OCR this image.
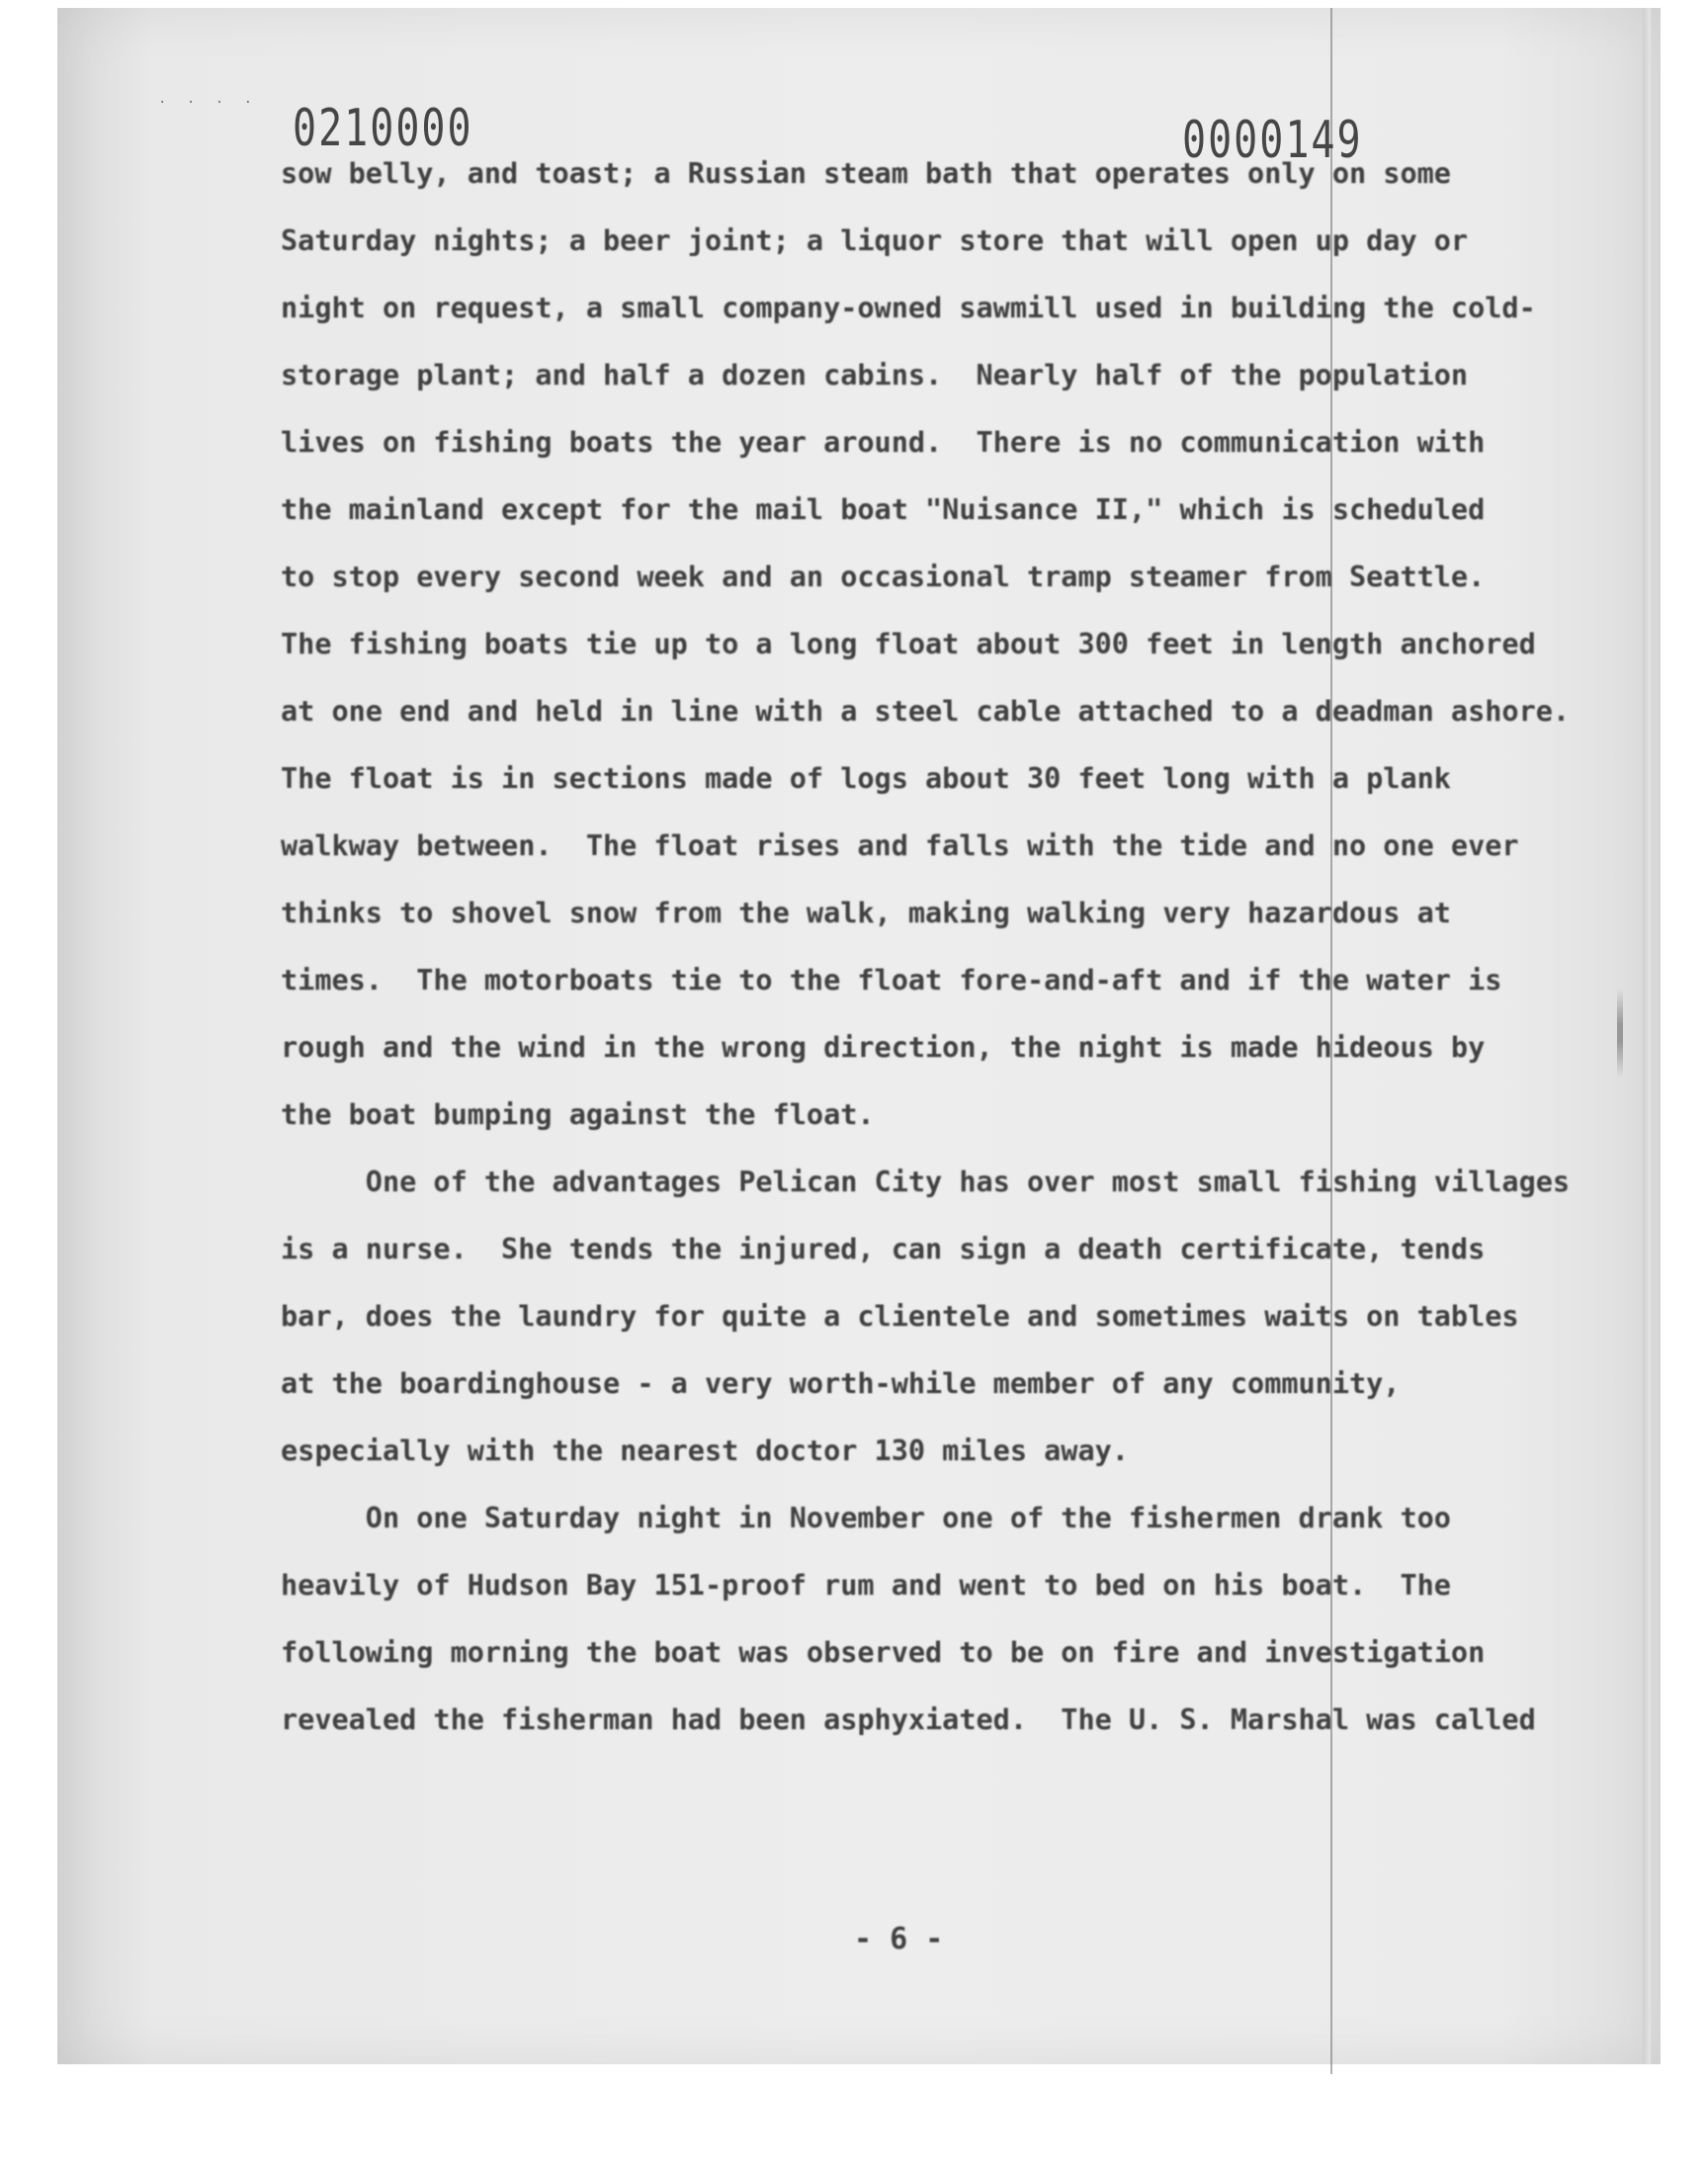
· · · · 0210000	0000149
sow belly, and toast; a Russian steam bath that operates only on some
Saturday nights; a beer joint; a liquor store that will open up day or
night on request, a small company-owned sawmill used in building the cold-
storage plant; and half a dozen cabins.  Nearly half of the population
lives on fishing boats the year around.  There is no communication with
the mainland except for the mail boat "Nuisance II," which is scheduled
to stop every second week and an occasional tramp steamer from Seattle.
The fishing boats tie up to a long float about 300 feet in length anchored
at one end and held in line with a steel cable attached to a deadman ashore.
The float is in sections made of logs about 30 feet long with a plank
walkway between.  The float rises and falls with the tide and no one ever
thinks to shovel snow from the walk, making walking very hazardous at
times.  The motorboats tie to the float fore-and-aft and if the water is
rough and the wind in the wrong direction, the night is made hideous by
the boat bumping against the float.
One of the advantages Pelican City has over most small fishing villages
is a nurse.  She tends the injured, can sign a death certificate, tends
bar, does the laundry for quite a clientele and sometimes waits on tables
at the boardinghouse - a very worth-while member of any community,
especially with the nearest doctor 130 miles away.
On one Saturday night in November one of the fishermen drank too
heavily of Hudson Bay 151-proof rum and went to bed on his boat.  The
following morning the boat was observed to be on fire and investigation
revealed the fisherman had been asphyxiated.  The U. S. Marshal was called
- 6 -
